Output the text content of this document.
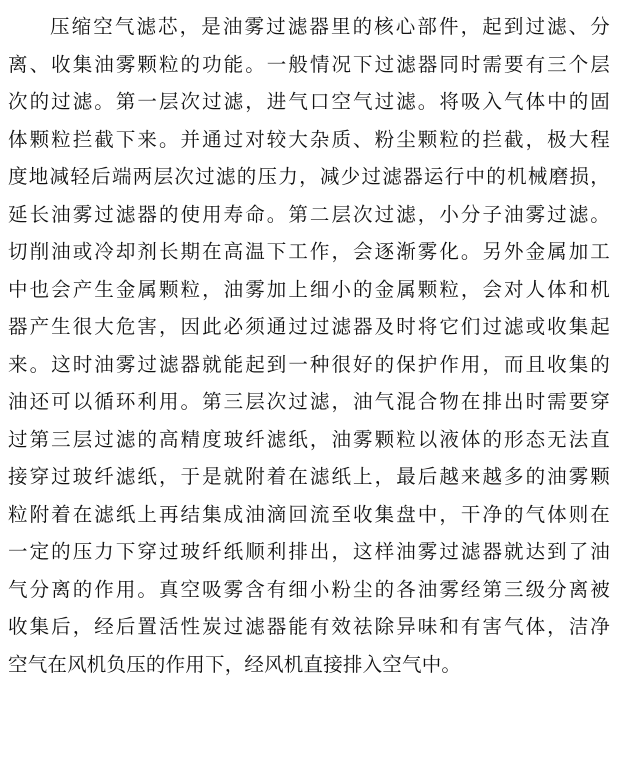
压缩空气滤芯，是油雾过滤器里的核心部件，起到过滤、分
离、收集油雾颗粒的功能。一般情况下过滤器同时需要有三个层
次的过滤。第一层次过滤，进气口空气过滤。将吸入气体中的固
体颗粒拦截下来。并通过对较大杂质、粉尘颗粒的拦截，极大程
度地减轻后端两层次过滤的压力，减少过滤器运行中的机械磨损，
延长油雾过滤器的使用寿命。第二层次过滤，小分子油雾过滤。
切削油或冷却剂长期在高温下工作，会逐渐雾化。另外金属加工
中也会产生金属颗粒，油雾加上细小的金属颗粒，会对人体和机
器产生很大危害，因此必须通过过滤器及时将它们过滤或收集起
来。这时油雾过滤器就能起到一种很好的保护作用，而且收集的
油还可以循环利用。第三层次过滤，油气混合物在排出时需要穿
过第三层过滤的高精度玻纤滤纸，油雾颗粒以液体的形态无法直
接穿过玻纤滤纸，于是就附着在滤纸上，最后越来越多的油雾颗
粒附着在滤纸上再结集成油滴回流至收集盘中，干净的气体则在
一定的压力下穿过玻纤纸顺利排出，这样油雾过滤器就达到了油
气分离的作用。真空吸雾含有细小粉尘的各油雾经第三级分离被
收集后，经后置活性炭过滤器能有效祛除异味和有害气体，洁净
空气在风机负压的作用下，经风机直接排入空气中。
